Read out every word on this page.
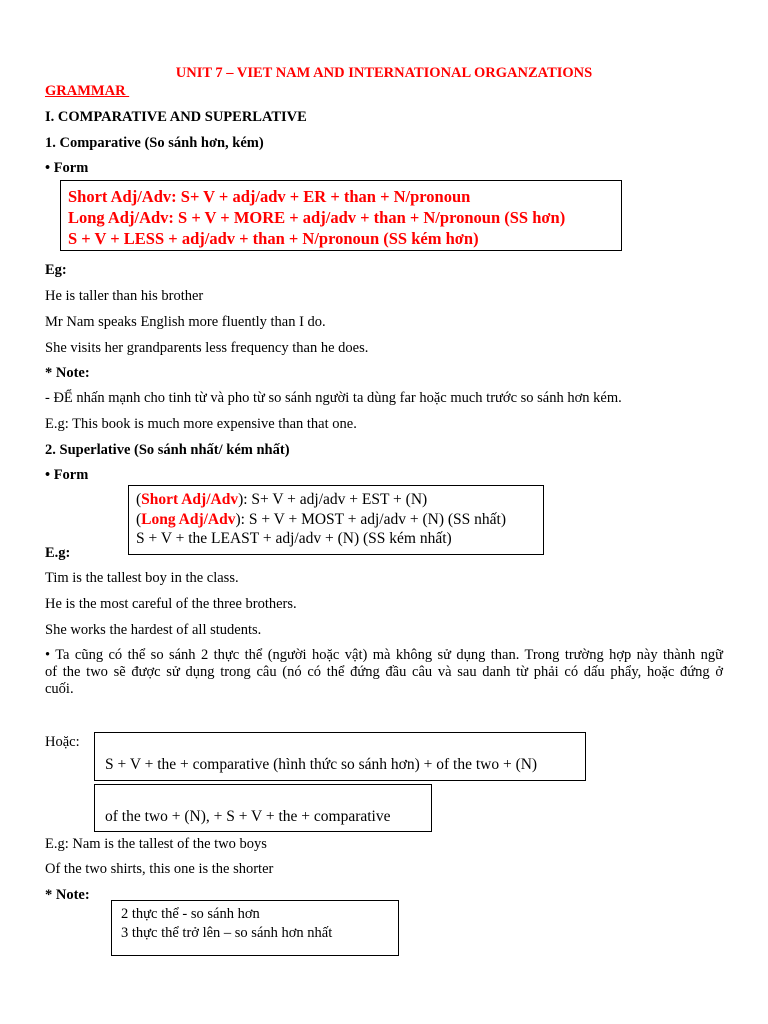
UNIT 7 – VIET NAM AND INTERNATIONAL ORGANZATIONS
GRAMMAR
I. COMPARATIVE AND SUPERLATIVE
1. Comparative (So sánh hơn, kém)
• Form
Short Adj/Adv: S+ V + adj/adv + ER + than + N/pronoun
Long Adj/Adv: S + V + MORE + adj/adv + than + N/pronoun (SS hơn)
S + V + LESS + adj/adv + than + N/pronoun (SS kém hơn)
Eg:
He is taller than his brother
Mr Nam speaks English more fluently than I do.
She visits her grandparents less frequency than he does.
* Note:
- ĐỂ nhấn mạnh cho tinh từ và pho từ so sánh người ta dùng far hoặc much trước so sánh hơn kém.
E.g: This book is much more expensive than that one.
2. Superlative (So sánh nhất/ kém nhất)
• Form
(Short Adj/Adv): S+ V + adj/adv + EST + (N)
(Long Adj/Adv): S + V + MOST + adj/adv + (N) (SS nhất)
S + V + the LEAST + adj/adv + (N) (SS kém nhất)
E.g:
Tim is the tallest boy in the class.
He is the most careful of the three brothers.
She works the hardest of all students.
• Ta cũng có thể so sánh 2 thực thể (người hoặc vật) mà không sử dụng than. Trong trường hợp này thành ngữ
of the two sẽ được sử dụng trong câu (nó có thể đứng đầu câu và sau danh từ phải có dấu phẩy, hoặc đứng ở
cuối.
Hoặc:
S + V + the + comparative (hình thức so sánh hơn) + of the two + (N)
of the two + (N), + S + V + the + comparative
E.g: Nam is the tallest of the two boys
Of the two shirts, this one is the shorter
* Note:
2 thực thể - so sánh hơn
3 thực thể trở lên – so sánh hơn nhất
